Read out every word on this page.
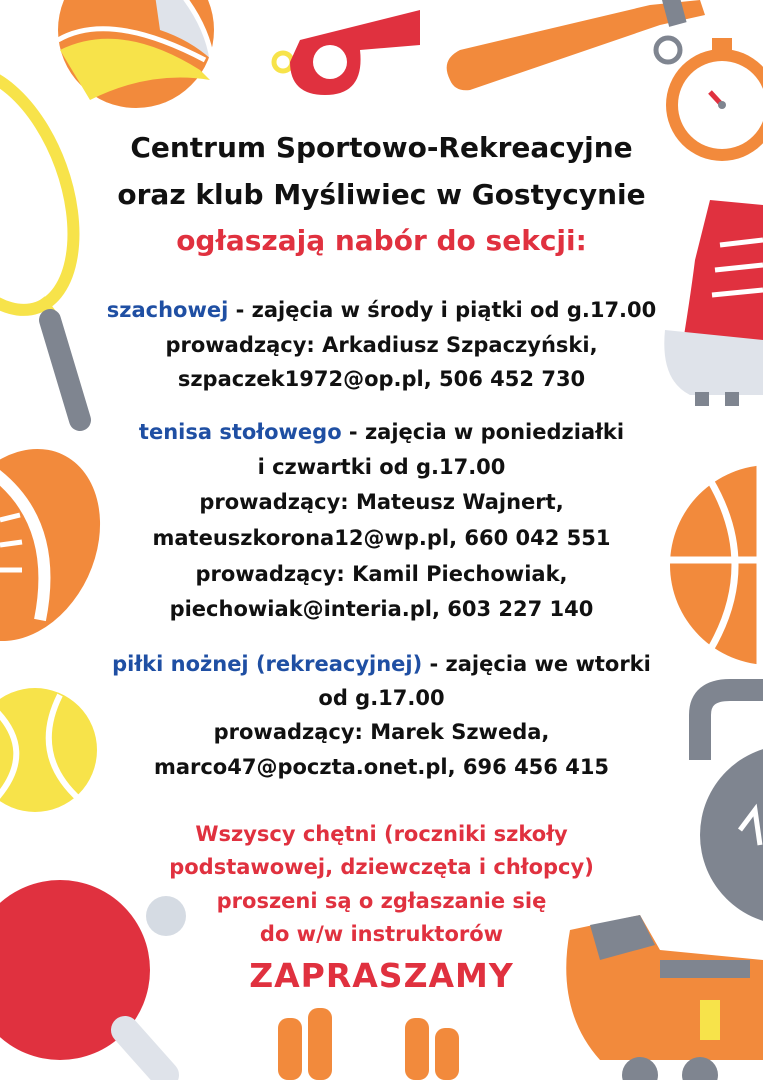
Centrum Sportowo-Rekreacyjne
oraz klub Myśliwiec w Gostycynie
ogłaszają nabór do sekcji:
szachowej - zajęcia w środy i piątki od g.17.00
prowadzący: Arkadiusz Szpaczyński,
szpaczek1972@op.pl, 506 452 730
tenisa stołowego - zajęcia w poniedziałki
i czwartki od g.17.00
prowadzący: Mateusz Wajnert,
mateuszkorona12@wp.pl, 660 042 551
prowadzący: Kamil Piechowiak,
piechowiak@interia.pl, 603 227 140
piłki nożnej (rekreacyjnej) - zajęcia we wtorki
od g.17.00
prowadzący: Marek Szweda,
marco47@poczta.onet.pl, 696 456 415
Wszyscy chętni (roczniki szkoły
podstawowej, dziewczęta i chłopcy)
proszeni są o zgłaszanie się
do w/w instruktorów
ZAPRASZAMY
